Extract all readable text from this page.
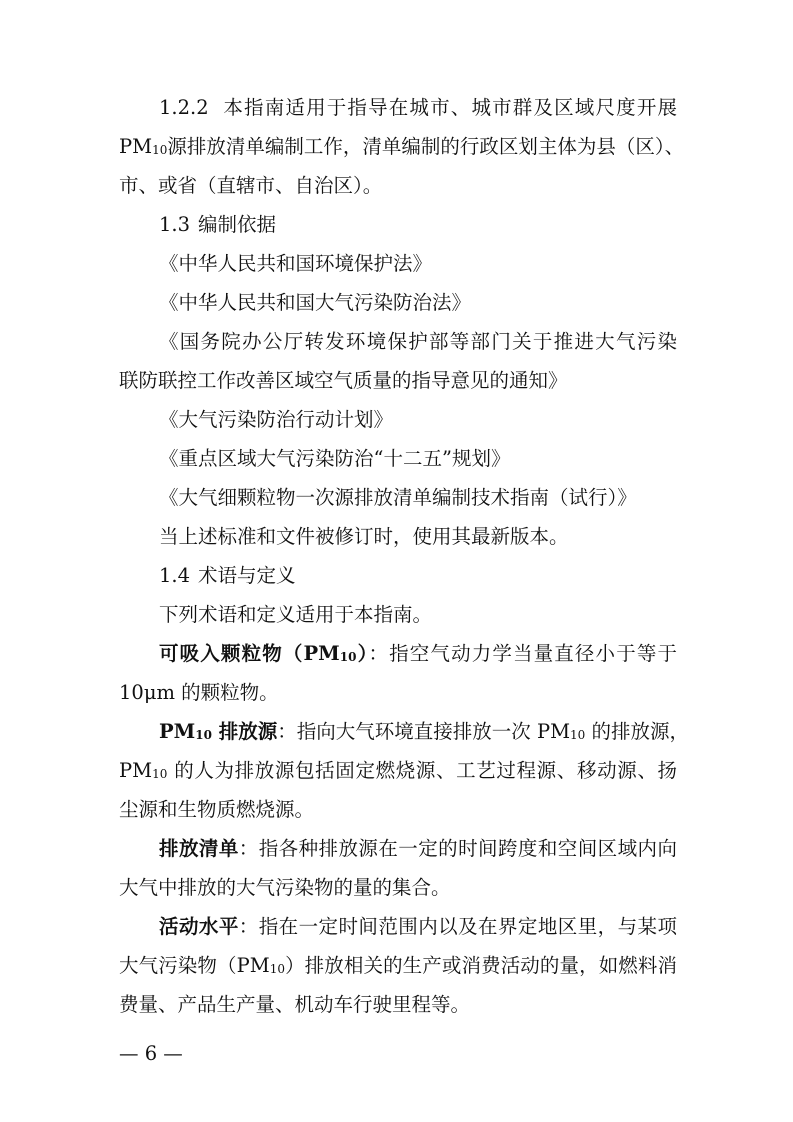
1.2.2 本指南适用于指导在城市、城市群及区域尺度开展
$PM_{10}$源排放清单编制工作，清单编制的行政区划主体为县（区）、
市、或省（直辖市、自治区）。
1.3 编制依据
《中华人民共和国环境保护法》
《中华人民共和国大气污染防治法》
《国务院办公厅转发环境保护部等部门关于推进大气污染
联防联控工作改善区域空气质量的指导意见的通知》
《大气污染防治行动计划》
《重点区域大气污染防治“十二五”规划》
《大气细颗粒物一次源排放清单编制技术指南（试行）》
当上述标准和文件被修订时，使用其最新版本。
1.4 术语与定义
下列术语和定义适用于本指南。
可吸入颗粒物$(PM_{10})$：指空气动力学当量直径小于等于
10μm 的颗粒物。
$PM_{10}$ 排放源：指向大气环境直接排放一次 $PM_{10}$ 的排放源，
$PM_{10}$ 的人为排放源包括固定燃烧源、工艺过程源、移动源、扬
尘源和生物质燃烧源。
排放清单：指各种排放源在一定的时间跨度和空间区域内向
大气中排放的大气污染物的量的集合。
活动水平：指在一定时间范围内以及在界定地区里，与某项
大气污染物$(PM_{10})$排放相关的生产或消费活动的量，如燃料消
费量、产品生产量、机动车行驶里程等。
— 6 —
